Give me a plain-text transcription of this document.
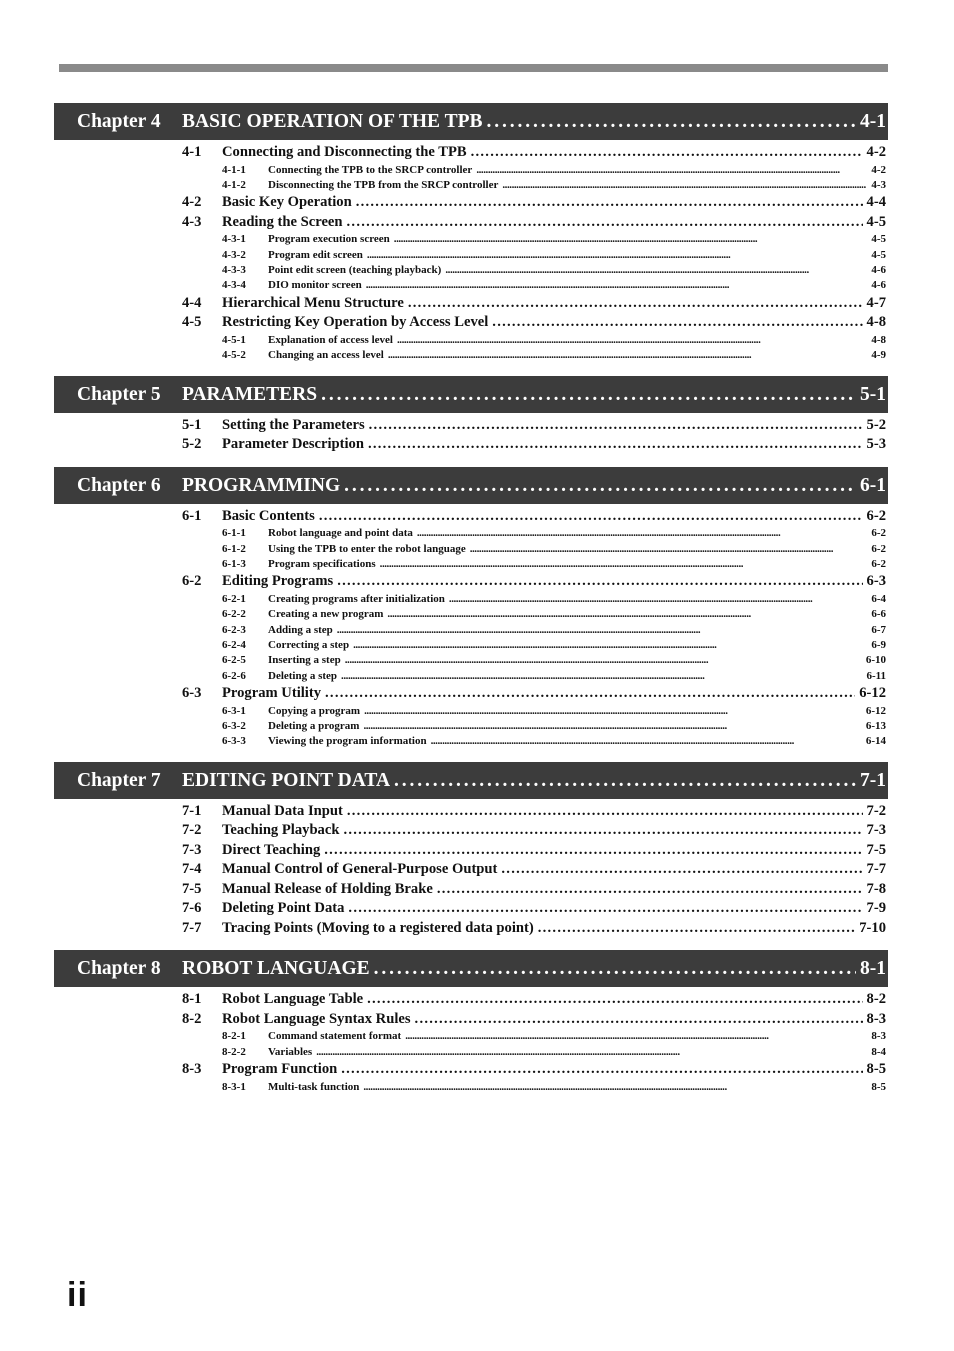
Chapter 4 BASIC OPERATION OF THE TPB . . .	4-1
4-1 Connecting and Disconnecting the TPB . . .	4-2
4-1-1 Connecting the TPB to the SRCP controller . . .	4-2
4-1-2 Disconnecting the TPB from the SRCP controller . . .	4-3
4-2 Basic Key Operation . . .	4-4
4-3 Reading the Screen . . .	4-5
4-3-1 Program execution screen . . .	4-5
4-3-2 Program edit screen . . .	4-5
4-3-3 Point edit screen (teaching playback) . . .	4-6
4-3-4 DIO monitor screen . . .	4-6
4-4 Hierarchical Menu Structure . . .	4-7
4-5 Restricting Key Operation by Access Level . . .	4-8
4-5-1 Explanation of access level . . .	4-8
4-5-2 Changing an access level . . .	4-9
Chapter 5 PARAMETERS . . .	5-1
5-1 Setting the Parameters . . .	5-2
5-2 Parameter Description . . .	5-3
Chapter 6 PROGRAMMING . . .	6-1
6-1 Basic Contents . . .	6-2
6-1-1 Robot language and point data . . .	6-2
6-1-2 Using the TPB to enter the robot language . . .	6-2
6-1-3 Program specifications . . .	6-2
6-2 Editing Programs . . .	6-3
6-2-1 Creating programs after initialization . . .	6-4
6-2-2 Creating a new program . . .	6-6
6-2-3 Adding a step . . .	6-7
6-2-4 Correcting a step . . .	6-9
6-2-5 Inserting a step . . .	6-10
6-2-6 Deleting a step . . .	6-11
6-3 Program Utility . . .	6-12
6-3-1 Copying a program . . .	6-12
6-3-2 Deleting a program . . .	6-13
6-3-3 Viewing the program information . . .	6-14
Chapter 7 EDITING POINT DATA . . .	7-1
7-1 Manual Data Input . . .	7-2
7-2 Teaching Playback . . .	7-3
7-3 Direct Teaching . . .	7-5
7-4 Manual Control of General-Purpose Output . . .	7-7
7-5 Manual Release of Holding Brake . . .	7-8
7-6 Deleting Point Data . . .	7-9
7-7 Tracing Points (Moving to a registered data point) . . .	7-10
Chapter 8 ROBOT LANGUAGE . . .	8-1
8-1 Robot Language Table . . .	8-2
8-2 Robot Language Syntax Rules . . .	8-3
8-2-1 Command statement format . . .	8-3
8-2-2 Variables . . .	8-4
8-3 Program Function . . .	8-5
8-3-1 Multi-task function . . .	8-5
ii
